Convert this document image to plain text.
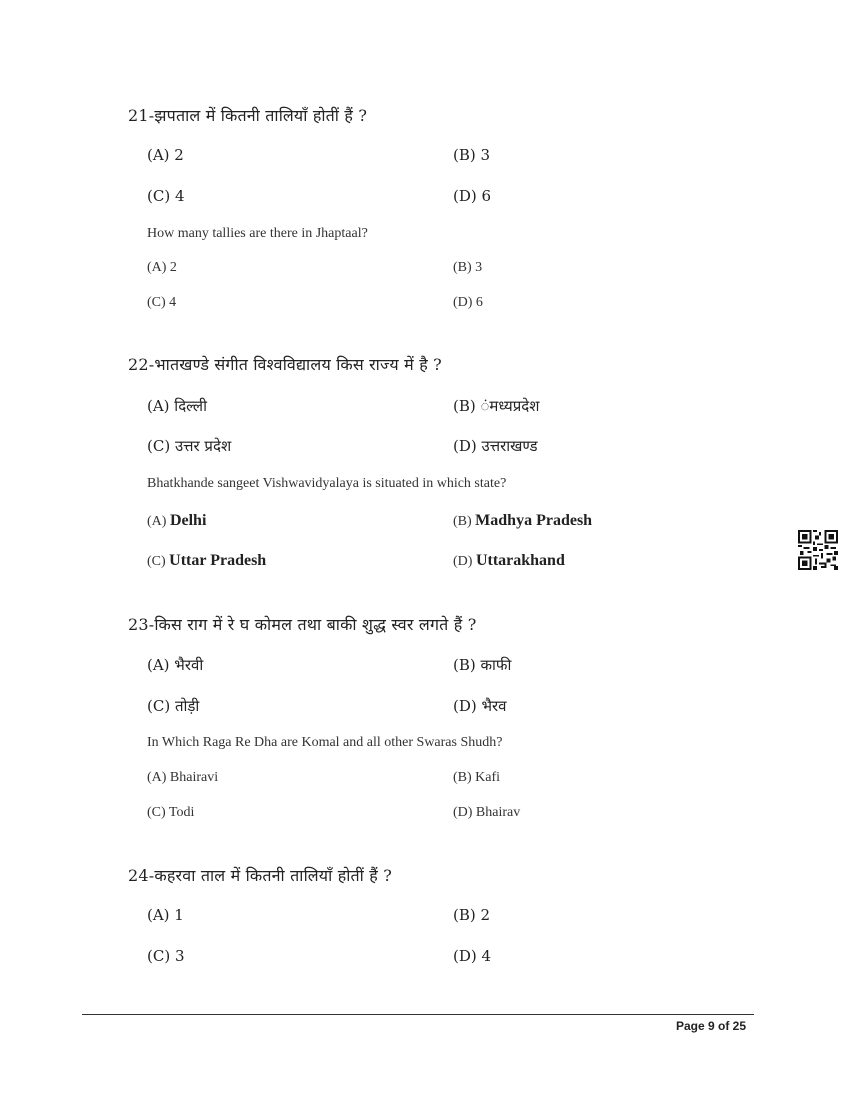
21-झपताल में कितनी तालियाँ होतीं हैं ?
(A) 2	(B) 3
(C) 4	(D) 6
How many tallies are there in Jhaptaal?
(A) 2	(B) 3
(C) 4	(D) 6
22-भातखण्डे संगीत विश्वविद्यालय किस राज्य में है ?
(A) दिल्ली	(B) ंमध्यप्रदेश
(C) उत्तर प्रदेश	(D) उत्तराखण्ड
Bhatkhande sangeet Vishwavidyalaya is situated in which state?
(A) Delhi	(B) Madhya Pradesh
(C) Uttar Pradesh	(D) Uttarakhand
23-किस राग में रे घ कोमल तथा बाकी शुद्ध स्वर लगते हैं ?
(A) भैरवी	(B) काफी
(C) तोड़ी	(D) भैरव
In Which Raga Re Dha are Komal and all other Swaras Shudh?
(A) Bhairavi	(B) Kafi
(C) Todi	(D) Bhairav
24-कहरवा ताल में कितनी तालियाँ होतीं हैं ?
(A) 1	(B) 2
(C) 3	(D) 4
Page 9 of 25
